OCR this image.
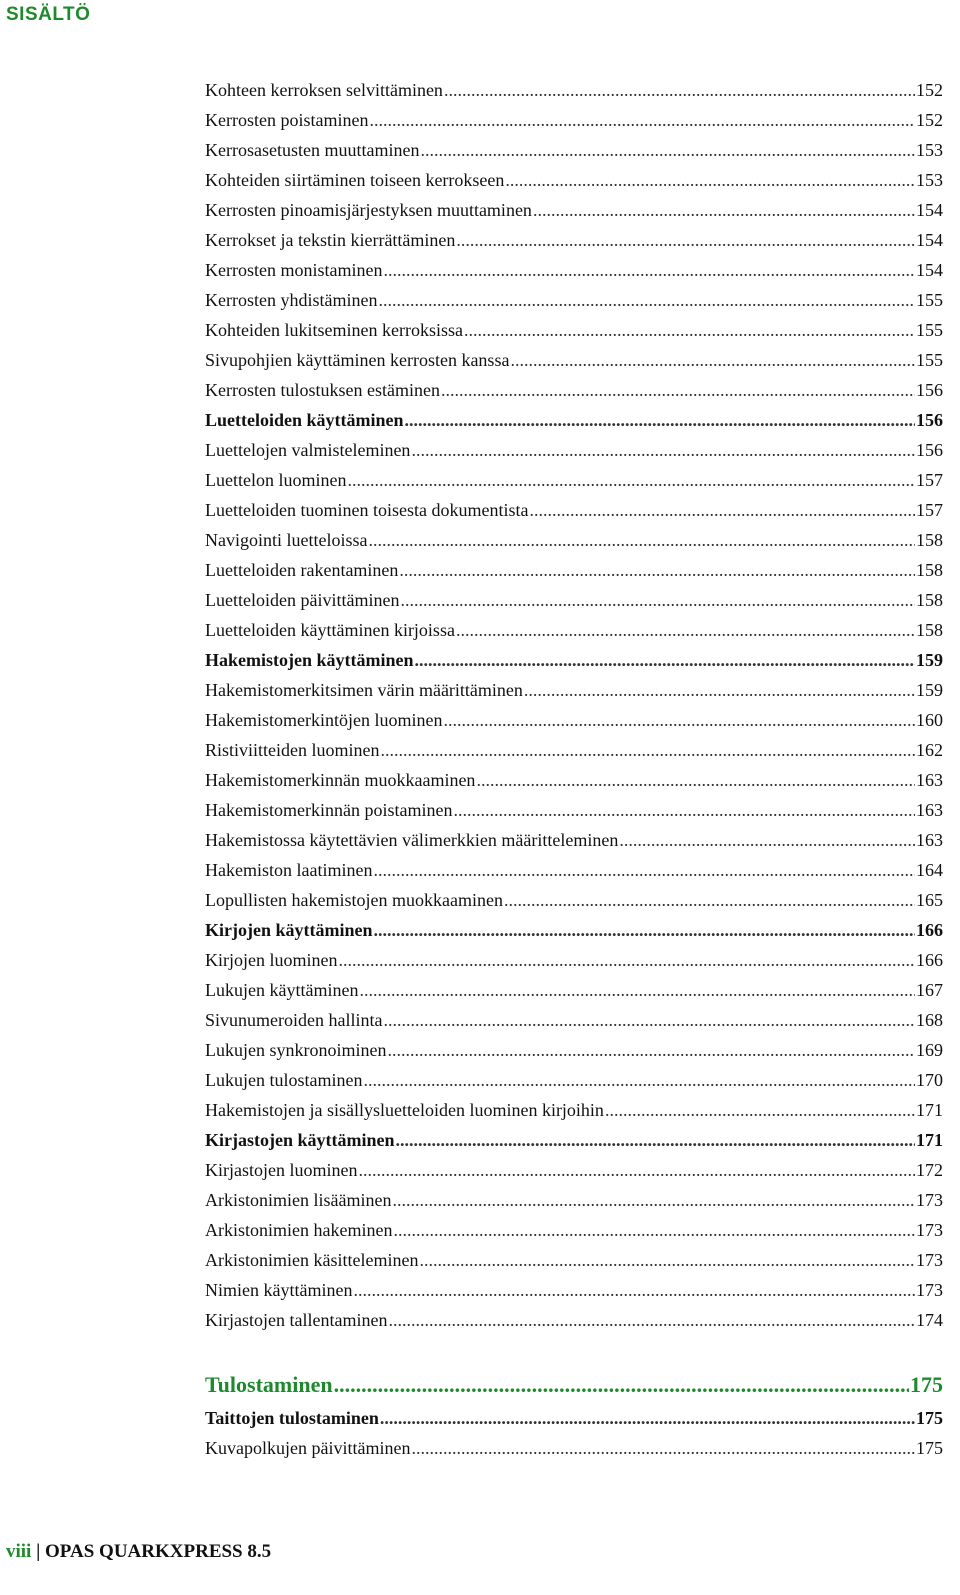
SISÄLTÖ
Kohteen kerroksen selvittäminen .....	152
Kerrosten poistaminen .....	152
Kerrosasetusten muuttaminen .....	153
Kohteiden siirtäminen toiseen kerrokseen .....	153
Kerrosten pinoamisjärjestyksen muuttaminen .....	154
Kerrokset ja tekstin kierrättäminen .....	154
Kerrosten monistaminen .....	154
Kerrosten yhdistäminen .....	155
Kohteiden lukitseminen kerroksissa .....	155
Sivupohjien käyttäminen kerrosten kanssa .....	155
Kerrosten tulostuksen estäminen .....	156
Luetteloiden käyttäminen .....	156
Luettelojen valmisteleminen .....	156
Luettelon luominen .....	157
Luetteloiden tuominen toisesta dokumentista .....	157
Navigointi luetteloissa .....	158
Luetteloiden rakentaminen .....	158
Luetteloiden päivittäminen .....	158
Luetteloiden käyttäminen kirjoissa .....	158
Hakemistojen käyttäminen .....	159
Hakemistomerkitsimen värin määrittäminen .....	159
Hakemistomerkintöjen luominen .....	160
Ristiviitteiden luominen .....	162
Hakemistomerkinnän muokkaaminen .....	163
Hakemistomerkinnän poistaminen .....	163
Hakemistossa käytettävien välimerkkien määritteleminen .....	163
Hakemiston laatiminen .....	164
Lopullisten hakemistojen muokkaaminen .....	165
Kirjojen käyttäminen .....	166
Kirjojen luominen .....	166
Lukujen käyttäminen .....	167
Sivunumeroiden hallinta .....	168
Lukujen synkronoiminen .....	169
Lukujen tulostaminen .....	170
Hakemistojen ja sisällysluetteloiden luominen kirjoihin .....	171
Kirjastojen käyttäminen .....	171
Kirjastojen luominen .....	172
Arkistonimien lisääminen .....	173
Arkistonimien hakeminen .....	173
Arkistonimien käsitteleminen .....	173
Nimien käyttäminen .....	173
Kirjastojen tallentaminen .....	174
Tulostaminen .....	175
Taittojen tulostaminen .....	175
Kuvapolkujen päivittäminen .....	175
viii | OPAS QUARKXPRESS 8.5
